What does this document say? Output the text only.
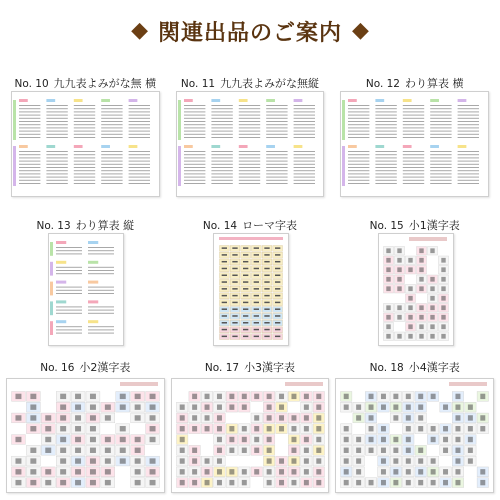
◆ 関連出品のご案内 ◆
No. 10 九九表よみがな無 横 No. 11 九九表よみがな無縦	No. 12 わり算表 横
No. 13 わり算表 縦	No. 14 ローマ字表	No. 15 小1漢字表
No. 16 小2漢字表	No. 17 小3漢字表	No. 18 小4漢字表
